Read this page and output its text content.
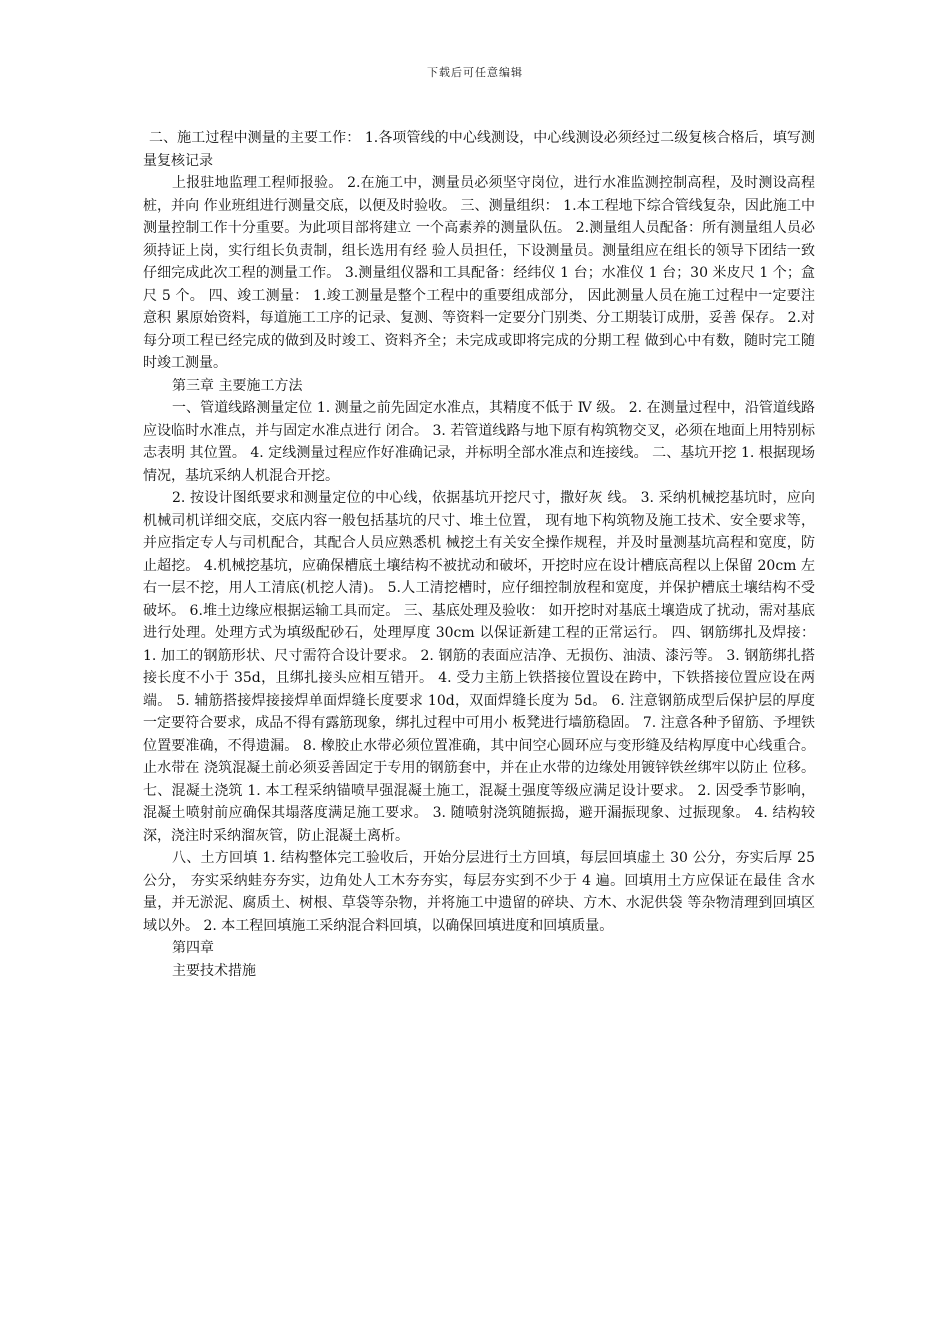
下载后可任意编辑

二、施工过程中测量的主要工作： 1.各项管线的中心线测设，中心线测设必须经过二级复核合格后，填写测量复核记录

上报驻地监理工程师报验。 2.在施工中，测量员必须坚守岗位，进行水准监测控制高程，及时测设高程桩，并向 作业班组进行测量交底，以便及时验收。 三、测量组织： 1.本工程地下综合管线复杂，因此施工中测量控制工作十分重要。为此项目部将建立 一个高素养的测量队伍。 2.测量组人员配备：所有测量组人员必须持证上岗，实行组长负责制，组长选用有经 验人员担任，下设测量员。测量组应在组长的领导下团结一致仔细完成此次工程的测量工作。 3.测量组仪器和工具配备：经纬仪 1 台；水准仪 1 台；30 米皮尺 1 个；盒尺 5 个。 四、竣工测量： 1.竣工测量是整个工程中的重要组成部分， 因此测量人员在施工过程中一定要注意积 累原始资料，每道施工工序的记录、复测、等资料一定要分门别类、分工期装订成册，妥善 保存。 2.对每分项工程已经完成的做到及时竣工、资料齐全；未完成或即将完成的分期工程 做到心中有数，随时完工随时竣工测量。

第三章 主要施工方法

一、管道线路测量定位 1. 测量之前先固定水准点，其精度不低于 Ⅳ 级。 2. 在测量过程中，沿管道线路应设临时水准点，并与固定水准点进行 闭合。 3. 若管道线路与地下原有构筑物交叉，必须在地面上用特别标志表明 其位置。 4. 定线测量过程应作好准确记录，并标明全部水准点和连接线。 二、基坑开挖 1. 根据现场情况，基坑采纳人机混合开挖。

2. 按设计图纸要求和测量定位的中心线，依据基坑开挖尺寸，撒好灰 线。 3. 采纳机械挖基坑时，应向机械司机详细交底，交底内容一般包括基坑的尺寸、堆土位置， 现有地下构筑物及施工技术、安全要求等，并应指定专人与司机配合，其配合人员应熟悉机 械挖土有关安全操作规程，并及时量测基坑高程和宽度，防止超挖。 4.机械挖基坑，应确保槽底土壤结构不被扰动和破坏，开挖时应在设计槽底高程以上保留 20cm 左右一层不挖，用人工清底(机挖人清)。 5.人工清挖槽时，应仔细控制放程和宽度，并保护槽底土壤结构不受破坏。 6.堆土边缘应根据运输工具而定。 三、基底处理及验收： 如开挖时对基底土壤造成了扰动，需对基底进行处理。处理方式为填级配砂石，处理厚度 30cm 以保证新建工程的正常运行。 四、钢筋绑扎及焊接： 1. 加工的钢筋形状、尺寸需符合设计要求。 2. 钢筋的表面应洁净、无损伤、油渍、漆污等。 3. 钢筋绑扎搭接长度不小于 35d，且绑扎接头应相互错开。 4. 受力主筋上铁搭接位置设在跨中，下铁搭接位置应设在两端。 5. 辅筋搭接焊接接焊单面焊缝长度要求 10d，双面焊缝长度为 5d。 6. 注意钢筋成型后保护层的厚度一定要符合要求，成品不得有露筋现象，绑扎过程中可用小 板凳进行墙筋稳固。 7. 注意各种予留筋、予埋铁位置要准确，不得遗漏。 8. 橡胶止水带必须位置准确，其中间空心圆环应与变形缝及结构厚度中心线重合。 止水带在 浇筑混凝土前必须妥善固定于专用的钢筋套中，并在止水带的边缘处用镀锌铁丝绑牢以防止 位移。 七、混凝土浇筑 1. 本工程采纳锚喷早强混凝土施工，混凝土强度等级应满足设计要求。 2. 因受季节影响，混凝土喷射前应确保其塌落度满足施工要求。 3. 随喷射浇筑随振捣，避开漏振现象、过振现象。 4. 结构较深，浇注时采纳溜灰管，防止混凝土离析。

八、土方回填 1. 结构整体完工验收后，开始分层进行土方回填，每层回填虚土 30 公分，夯实后厚 25 公分， 夯实采纳蛙夯夯实，边角处人工木夯夯实，每层夯实到不少于 4 遍。回填用土方应保证在最佳 含水量，并无淤泥、腐质土、树根、草袋等杂物，并将施工中遗留的碎块、方木、水泥供袋 等杂物清理到回填区域以外。 2. 本工程回填施工采纳混合料回填，以确保回填进度和回填质量。

第四章

主要技术措施
